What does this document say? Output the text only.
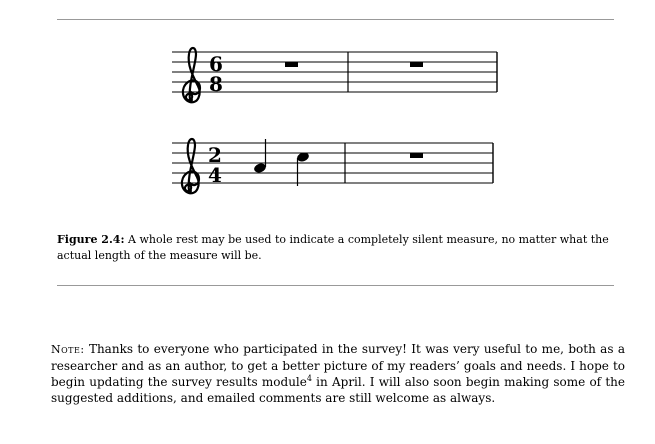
6
8
2
4
Figure 2.4: A whole rest may be used to indicate a completely silent measure, no matter what the actual length of the measure will be.
Note: Thanks to everyone who participated in the survey! It was very useful to me, both as a researcher and as an author, to get a better picture of my readers’ goals and needs. I hope to begin updating the survey results module$^4$ in April. I will also soon begin making some of the suggested additions, and emailed comments are still welcome as always.
